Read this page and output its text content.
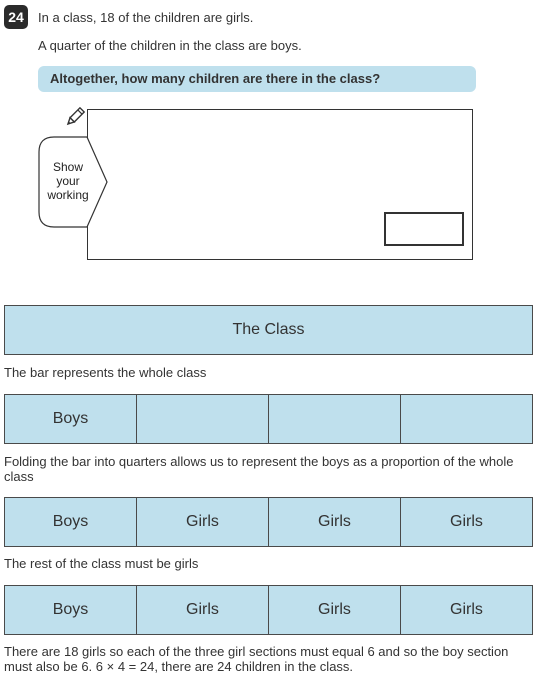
24	In a class, 18 of the children are girls.
A quarter of the children in the class are boys.
Altogether, how many children are there in the class?
Show
your
working
The Class
The bar represents the whole class
Boys
Folding the bar into quarters allows us to represent the boys as a proportion of the whole class
Boys	Girls	Girls	Girls
The rest of the class must be girls
Boys	Girls	Girls	Girls
There are 18 girls so each of the three girl sections must equal 6 and so the boy section must also be 6. 6 × 4 = 24, there are 24 children in the class.
